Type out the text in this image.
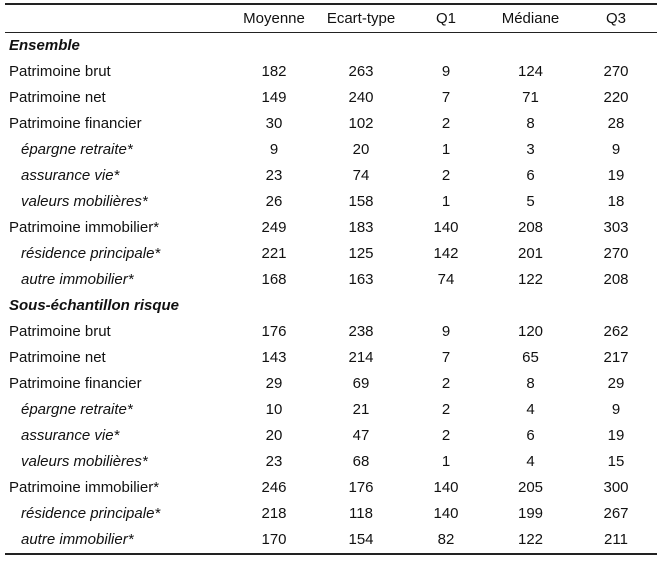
	Moyenne	Ecart-type	Q1	Médiane	Q3
Ensemble					
Patrimoine brut	182	263	9	124	270
Patrimoine net	149	240	7	71	220
Patrimoine financier	30	102	2	8	28
épargne retraite*	9	20	1	3	9
assurance vie*	23	74	2	6	19
valeurs mobilières*	26	158	1	5	18
Patrimoine immobilier*	249	183	140	208	303
résidence principale*	221	125	142	201	270
autre immobilier*	168	163	74	122	208
Sous-échantillon risque					
Patrimoine brut	176	238	9	120	262
Patrimoine net	143	214	7	65	217
Patrimoine financier	29	69	2	8	29
épargne retraite*	10	21	2	4	9
assurance vie*	20	47	2	6	19
valeurs mobilières*	23	68	1	4	15
Patrimoine immobilier*	246	176	140	205	300
résidence principale*	218	118	140	199	267
autre immobilier*	170	154	82	122	211
